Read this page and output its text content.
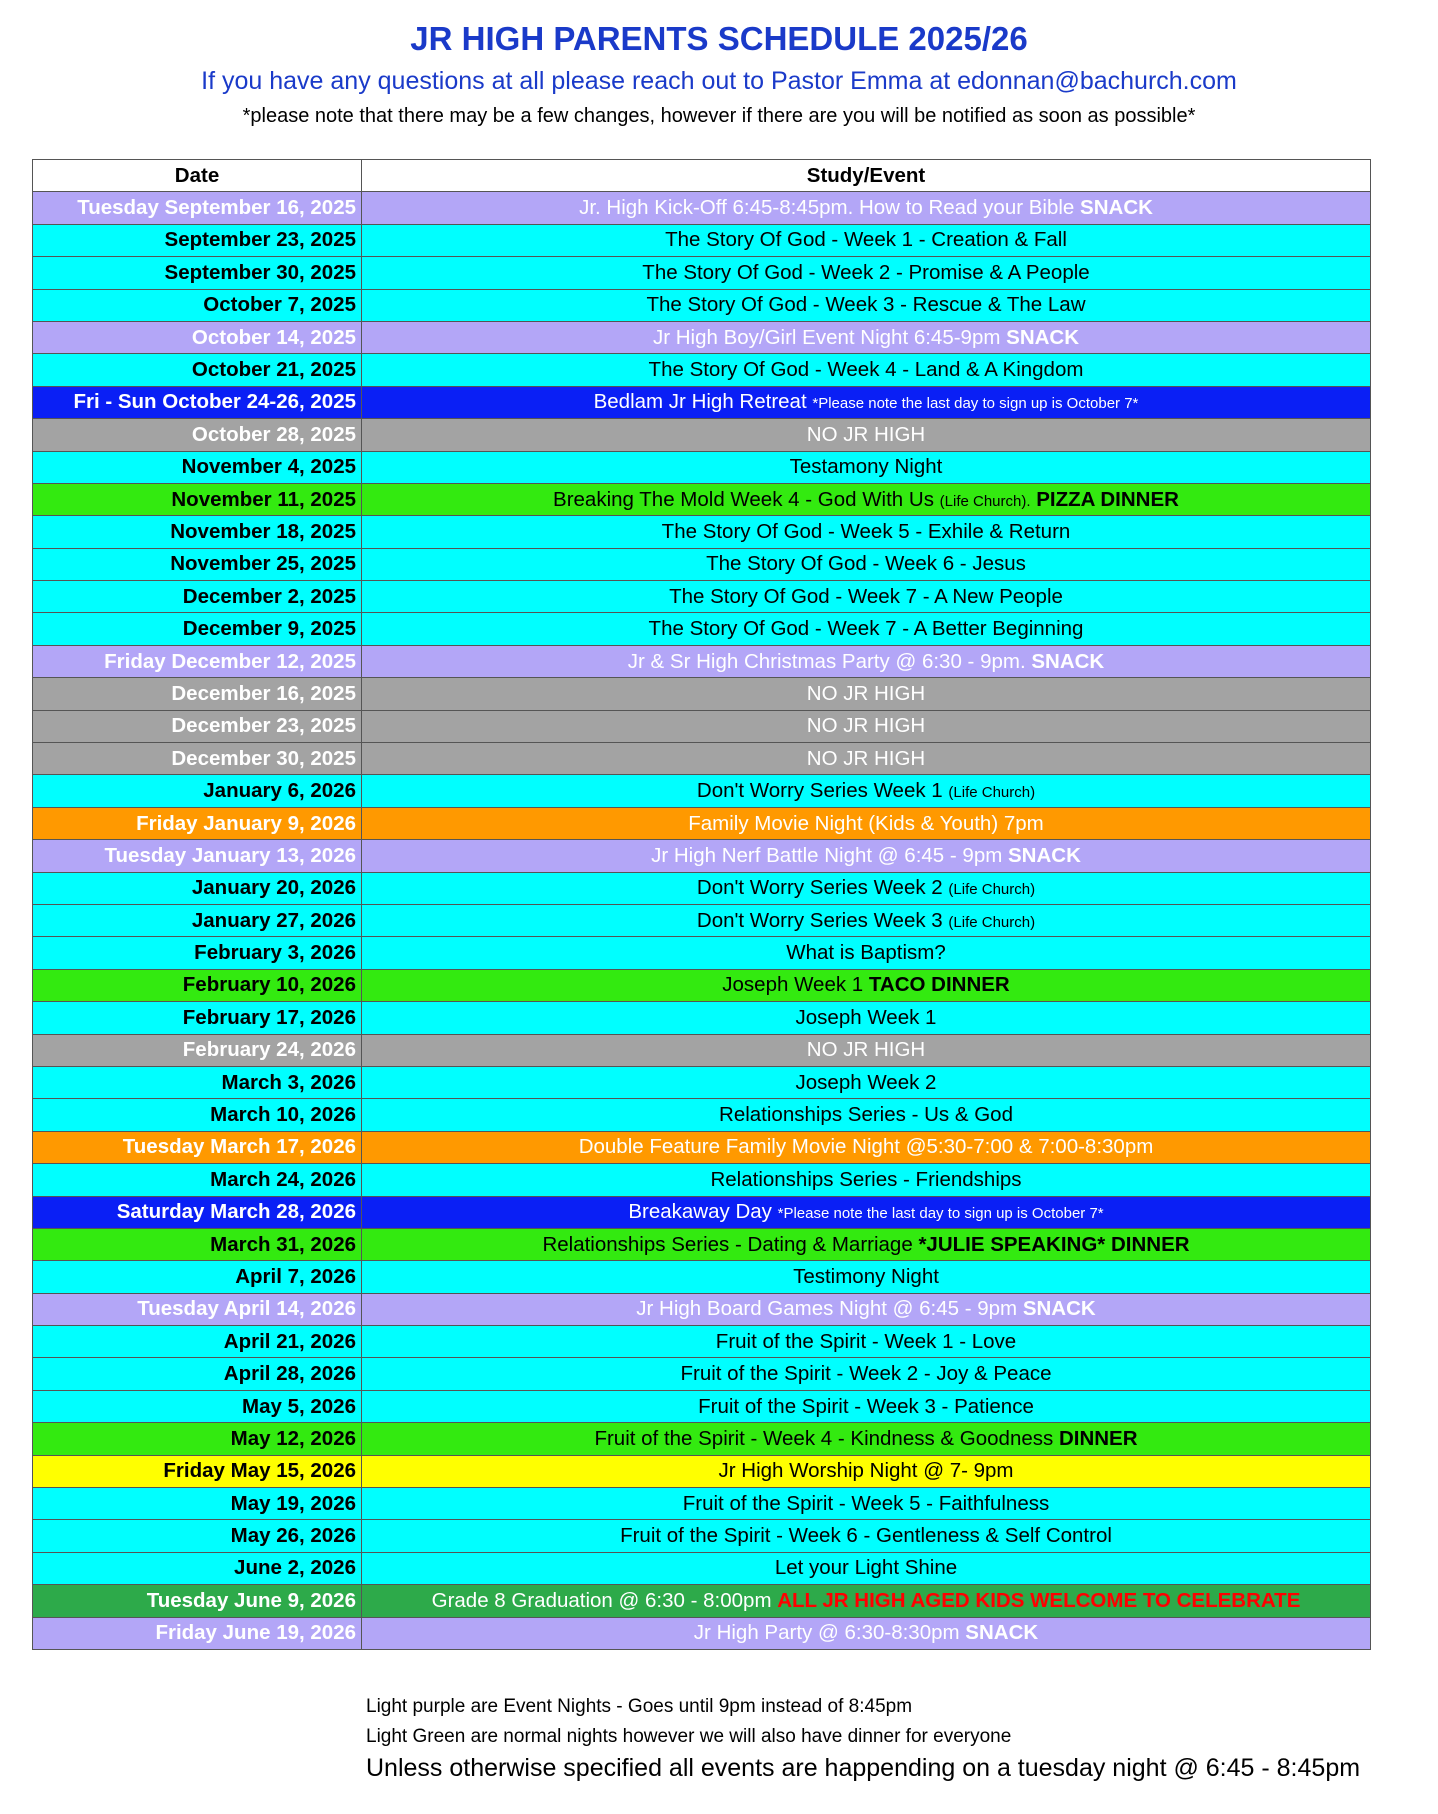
JR HIGH PARENTS SCHEDULE 2025/26
If you have any questions at all please reach out to Pastor Emma at edonnan@bachurch.com
*please note that there may be a few changes, however if there are you will be notified as soon as possible*
Date	Study/Event
Tuesday September 16, 2025	Jr. High Kick-Off 6:45-8:45pm. How to Read your Bible SNACK
September 23, 2025	The Story Of God - Week 1 - Creation & Fall
September 30, 2025	The Story Of God - Week 2 - Promise & A People
October 7, 2025	The Story Of God - Week 3 - Rescue & The Law
October 14, 2025	Jr High Boy/Girl Event Night 6:45-9pm SNACK
October 21, 2025	The Story Of God - Week 4 - Land & A Kingdom
Fri - Sun October 24-26, 2025	Bedlam Jr High Retreat *Please note the last day to sign up is October 7*
October 28, 2025	NO JR HIGH
November 4, 2025	Testamony Night
November 11, 2025	Breaking The Mold Week 4 - God With Us (Life Church). PIZZA DINNER
November 18, 2025	The Story Of God - Week 5 - Exhile & Return
November 25, 2025	The Story Of God - Week 6 - Jesus
December 2, 2025	The Story Of God - Week 7 - A New People
December 9, 2025	The Story Of God - Week 7 - A Better Beginning
Friday December 12, 2025	Jr & Sr High Christmas Party @ 6:30 - 9pm. SNACK
December 16, 2025	NO JR HIGH
December 23, 2025	NO JR HIGH
December 30, 2025	NO JR HIGH
January 6, 2026	Don't Worry Series Week 1 (Life Church)
Friday January 9, 2026	Family Movie Night (Kids & Youth) 7pm
Tuesday January 13, 2026	Jr High Nerf Battle Night @ 6:45 - 9pm SNACK
January 20, 2026	Don't Worry Series Week 2 (Life Church)
January 27, 2026	Don't Worry Series Week 3 (Life Church)
February 3, 2026	What is Baptism?
February 10, 2026	Joseph Week 1 TACO DINNER
February 17, 2026	Joseph Week 1
February 24, 2026	NO JR HIGH
March 3, 2026	Joseph Week 2
March 10, 2026	Relationships Series - Us & God
Tuesday March 17, 2026	Double Feature Family Movie Night @5:30-7:00 & 7:00-8:30pm
March 24, 2026	Relationships Series - Friendships
Saturday March 28, 2026	Breakaway Day *Please note the last day to sign up is October 7*
March 31, 2026	Relationships Series - Dating & Marriage *JULIE SPEAKING* DINNER
April 7, 2026	Testimony Night
Tuesday April 14, 2026	Jr High Board Games Night @ 6:45 - 9pm SNACK
April 21, 2026	Fruit of the Spirit - Week 1 - Love
April 28, 2026	Fruit of the Spirit - Week 2 - Joy & Peace
May 5, 2026	Fruit of the Spirit - Week 3 - Patience
May 12, 2026	Fruit of the Spirit - Week 4 - Kindness & Goodness DINNER
Friday May 15, 2026	Jr High Worship Night @ 7- 9pm
May 19, 2026	Fruit of the Spirit - Week 5 - Faithfulness
May 26, 2026	Fruit of the Spirit - Week 6 - Gentleness & Self Control
June 2, 2026	Let your Light Shine
Tuesday June 9, 2026	Grade 8 Graduation @ 6:30 - 8:00pm ALL JR HIGH AGED KIDS WELCOME TO CELEBRATE
Friday June 19, 2026	Jr High Party @ 6:30-8:30pm SNACK
Light purple are Event Nights - Goes until 9pm instead of 8:45pm
Light Green are normal nights however we will also have dinner for everyone
Unless otherwise specified all events are happending on a tuesday night @ 6:45 - 8:45pm
